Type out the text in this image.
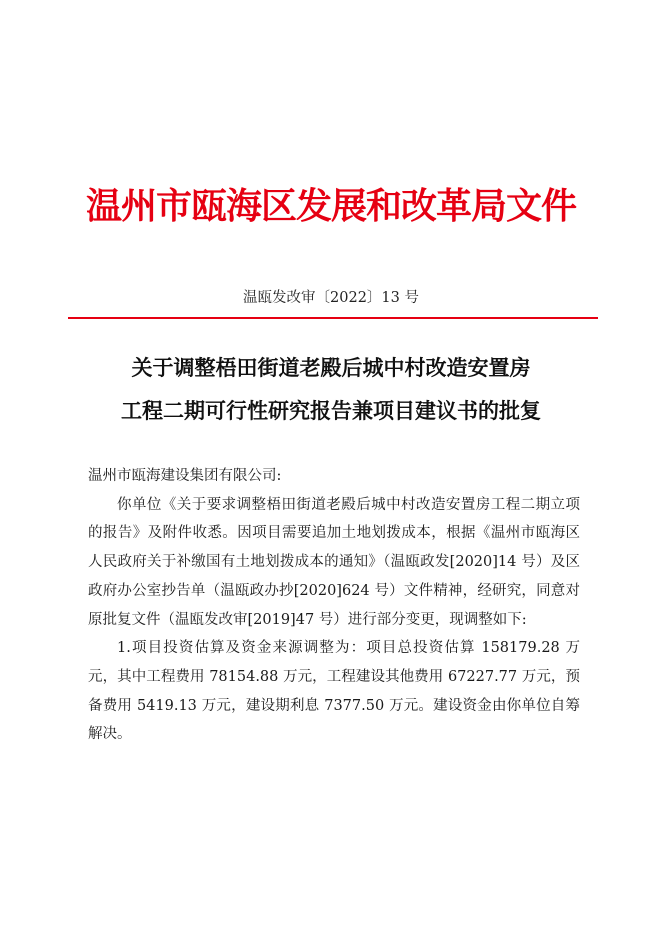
温州市瓯海区发展和改革局文件
温瓯发改审〔2022〕13 号
关于调整梧田街道老殿后城中村改造安置房
工程二期可行性研究报告兼项目建议书的批复

温州市瓯海建设集团有限公司:

你单位《关于要求调整梧田街道老殿后城中村改造安置房工程二期立项的报告》及附件收悉。因项目需要追加土地划拨成本，根据《温州市瓯海区人民政府关于补缴国有土地划拨成本的通知》（温瓯政发[2020]14 号）及区政府办公室抄告单（温瓯政办抄[2020]624 号）文件精神，经研究，同意对原批复文件（温瓯发改审[2019]47 号）进行部分变更，现调整如下:

1.项目投资估算及资金来源调整为：项目总投资估算 158179.28 万元，其中工程费用 78154.88 万元，工程建设其他费用 67227.77 万元，预备费用 5419.13 万元，建设期利息 7377.50 万元。建设资金由你单位自筹解决。
